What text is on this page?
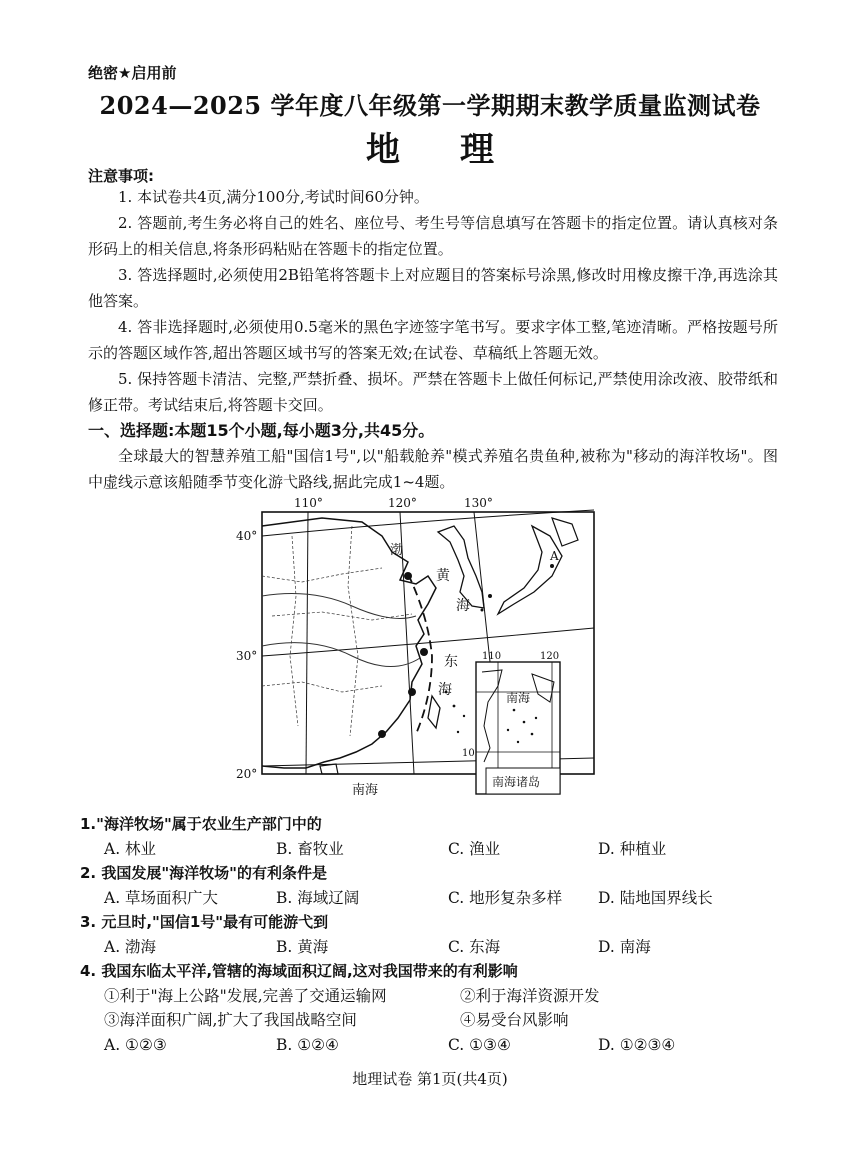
绝密★启用前
2024—2025 学年度八年级第一学期期末教学质量监测试卷
地理
注意事项:

1. 本试卷共4页,满分100分,考试时间60分钟。

2. 答题前,考生务必将自己的姓名、座位号、考生号等信息填写在答题卡的指定位置。请认真核对条形码上的相关信息,将条形码粘贴在答题卡的指定位置。

3. 答选择题时,必须使用2B铅笔将答题卡上对应题目的答案标号涂黑,修改时用橡皮擦干净,再选涂其他答案。

4. 答非选择题时,必须使用0.5毫米的黑色字迹签字笔书写。要求字体工整,笔迹清晰。严格按题号所示的答题区域作答,超出答题区域书写的答案无效;在试卷、草稿纸上答题无效。

5. 保持答题卡清洁、完整,严禁折叠、损坏。严禁在答题卡上做任何标记,严禁使用涂改液、胶带纸和修正带。考试结束后,将答题卡交回。

一、选择题:本题15个小题,每小题3分,共45分。
全球最大的智慧养殖工船"国信1号",以"船载舱养"模式养殖名贵鱼种,被称为"移动的海洋牧场"。图中虚线示意该船随季节变化游弋路线,据此完成1~4题。
110°	120°	130°
40°
30°
20°
渤
黄
海
东
海
南海
A
110	120
10
南海
南海诸岛
1."海洋牧场"属于农业生产部门中的
A. 林业	B. 畜牧业	C. 渔业	D. 种植业
2. 我国发展"海洋牧场"的有利条件是
A. 草场面积广大	B. 海域辽阔	C. 地形复杂多样	D. 陆地国界线长
3. 元旦时,"国信1号"最有可能游弋到
A. 渤海	B. 黄海	C. 东海	D. 南海
4. 我国东临太平洋,管辖的海域面积辽阔,这对我国带来的有利影响
①利于"海上公路"发展,完善了交通运输网	②利于海洋资源开发
③海洋面积广阔,扩大了我国战略空间	④易受台风影响
A. ①②③	B. ①②④	C. ①③④	D. ①②③④
地理试卷 第1页(共4页)
